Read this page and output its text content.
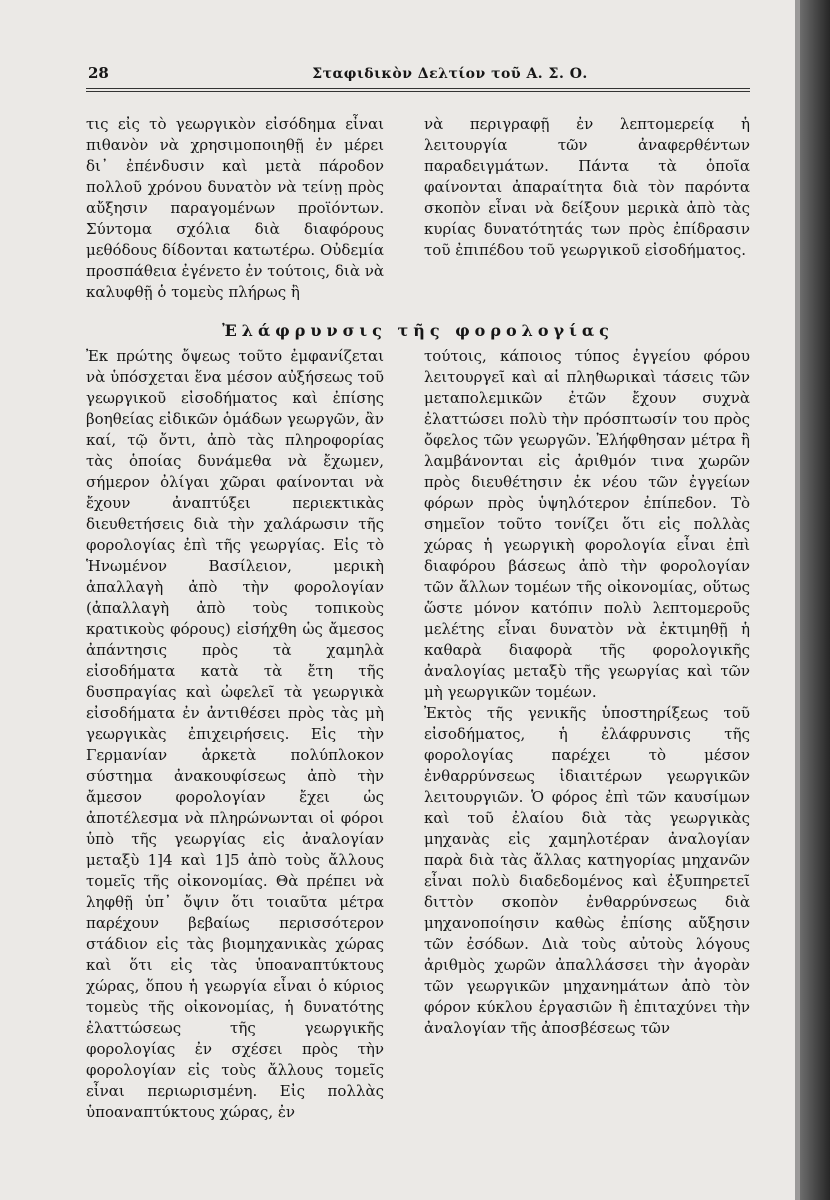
28	Σταφιδικὸν Δελτίον τοῦ Α. Σ. Ο.

τις εἰς τὸ γεωργικὸν εἰσόδημα εἶναι πιθανὸν νὰ χρησιμοποιηθῇ ἐν μέρει δι᾽ ἐπένδυσιν καὶ μετὰ πάροδον πολλοῦ χρόνου δυνατὸν νὰ τείνῃ πρὸς αὔξησιν παραγομένων προϊόντων. Σύντομα σχόλια διὰ διαφόρους μεθόδους δίδονται κατωτέρω. Οὐδεμία προσπάθεια ἐγένετο ἐν τούτοις, διὰ νὰ καλυφθῇ ὁ τομεὺς πλήρως ἢ

νὰ περιγραφῇ ἐν λεπτομερείᾳ ἡ λειτουργία τῶν ἀναφερθέντων παραδειγμάτων. Πάντα τὰ ὁποῖα φαίνονται ἀπαραίτητα διὰ τὸν παρόντα σκοπὸν εἶναι νὰ δείξουν μερικὰ ἀπὸ τὰς κυρίας δυνατότητάς των πρὸς ἐπίδρασιν τοῦ ἐπιπέδου τοῦ γεωργικοῦ εἰσοδήματος.

Ἐλάφρυνσις τῆς φορολογίας

Ἐκ πρώτης ὄψεως τοῦτο ἐμφανίζεται νὰ ὑπόσχεται ἕνα μέσον αὐξήσεως τοῦ γεωργικοῦ εἰσοδήματος καὶ ἐπίσης βοηθείας εἰδικῶν ὁμάδων γεωργῶν, ἂν καί, τῷ ὄντι, ἀπὸ τὰς πληροφορίας τὰς ὁποίας δυνάμεθα νὰ ἔχωμεν, σήμερον ὀλίγαι χῶραι φαίνονται νὰ ἔχουν ἀναπτύξει περιεκτικὰς διευθετήσεις διὰ τὴν χαλάρωσιν τῆς φορολογίας ἐπὶ τῆς γεωργίας. Εἰς τὸ Ἡνωμένον Βασίλειον, μερικὴ ἀπαλλαγὴ ἀπὸ τὴν φορολογίαν (ἀπαλλαγὴ ἀπὸ τοὺς τοπικοὺς κρατικοὺς φόρους) εἰσήχθη ὡς ἄμεσος ἀπάντησις πρὸς τὰ χαμηλὰ εἰσοδήματα κατὰ τὰ ἔτη τῆς δυσπραγίας καὶ ὠφελεῖ τὰ γεωργικὰ εἰσοδήματα ἐν ἀντιθέσει πρὸς τὰς μὴ γεωργικὰς ἐπιχειρήσεις. Εἰς τὴν Γερμανίαν ἀρκετὰ πολύπλοκον σύστημα ἀνακουφίσεως ἀπὸ τὴν ἄμεσον φορολογίαν ἔχει ὡς ἀποτέλεσμα νὰ πληρώνωνται οἱ φόροι ὑπὸ τῆς γεωργίας εἰς ἀναλογίαν μεταξὺ 1]4 καὶ 1]5 ἀπὸ τοὺς ἄλλους τομεῖς τῆς οἰκονομίας. Θὰ πρέπει νὰ ληφθῇ ὑπ᾽ ὄψιν ὅτι τοιαῦτα μέτρα παρέχουν βεβαίως περισσότερον στάδιον εἰς τὰς βιομηχανικὰς χώρας καὶ ὅτι εἰς τὰς ὑποαναπτύκτους χώρας, ὅπου ἡ γεωργία εἶναι ὁ κύριος τομεὺς τῆς οἰκονομίας, ἡ δυνατότης ἐλαττώσεως τῆς γεωργικῆς φορολογίας ἐν σχέσει πρὸς τὴν φορολογίαν εἰς τοὺς ἄλλους τομεῖς εἶναι περιωρισμένη. Εἰς πολλὰς ὑποαναπτύκτους χώρας, ἐν

τούτοις, κάποιος τύπος ἐγγείου φόρου λειτουργεῖ καὶ αἱ πληθωρικαὶ τάσεις τῶν μεταπολεμικῶν ἐτῶν ἔχουν συχνὰ ἐλαττώσει πολὺ τὴν πρόσπτωσίν του πρὸς ὄφελος τῶν γεωργῶν. Ἐλήφθησαν μέτρα ἢ λαμβάνονται εἰς ἀριθμόν τινα χωρῶν πρὸς διευθέτησιν ἐκ νέου τῶν ἐγγείων φόρων πρὸς ὑψηλότερον ἐπίπεδον. Τὸ σημεῖον τοῦτο τονίζει ὅτι εἰς πολλὰς χώρας ἡ γεωργικὴ φορολογία εἶναι ἐπὶ διαφόρου βάσεως ἀπὸ τὴν φορολογίαν τῶν ἄλλων τομέων τῆς οἰκονομίας, οὕτως ὥστε μόνον κατόπιν πολὺ λεπτομεροῦς μελέτης εἶναι δυνατὸν νὰ ἐκτιμηθῇ ἡ καθαρὰ διαφορὰ τῆς φορολογικῆς ἀναλογίας μεταξὺ τῆς γεωργίας καὶ τῶν μὴ γεωργικῶν τομέων.

Ἐκτὸς τῆς γενικῆς ὑποστηρίξεως τοῦ εἰσοδήματος, ἡ ἐλάφρυνσις τῆς φορολογίας παρέχει τὸ μέσον ἐνθαρρύνσεως ἰδιαιτέρων γεωργικῶν λειτουργιῶν. Ὁ φόρος ἐπὶ τῶν καυσίμων καὶ τοῦ ἐλαίου διὰ τὰς γεωργικὰς μηχανὰς εἰς χαμηλοτέραν ἀναλογίαν παρὰ διὰ τὰς ἄλλας κατηγορίας μηχανῶν εἶναι πολὺ διαδεδομένος καὶ ἐξυπηρετεῖ διττὸν σκοπὸν ἐνθαρρύνσεως διὰ μηχανοποίησιν καθὼς ἐπίσης αὔξησιν τῶν ἐσόδων. Διὰ τοὺς αὐτοὺς λόγους ἀριθμὸς χωρῶν ἀπαλλάσσει τὴν ἀγορὰν τῶν γεωργικῶν μηχανημάτων ἀπὸ τὸν φόρον κύκλου ἐργασιῶν ἢ ἐπιταχύνει τὴν ἀναλογίαν τῆς ἀποσβέσεως τῶν
